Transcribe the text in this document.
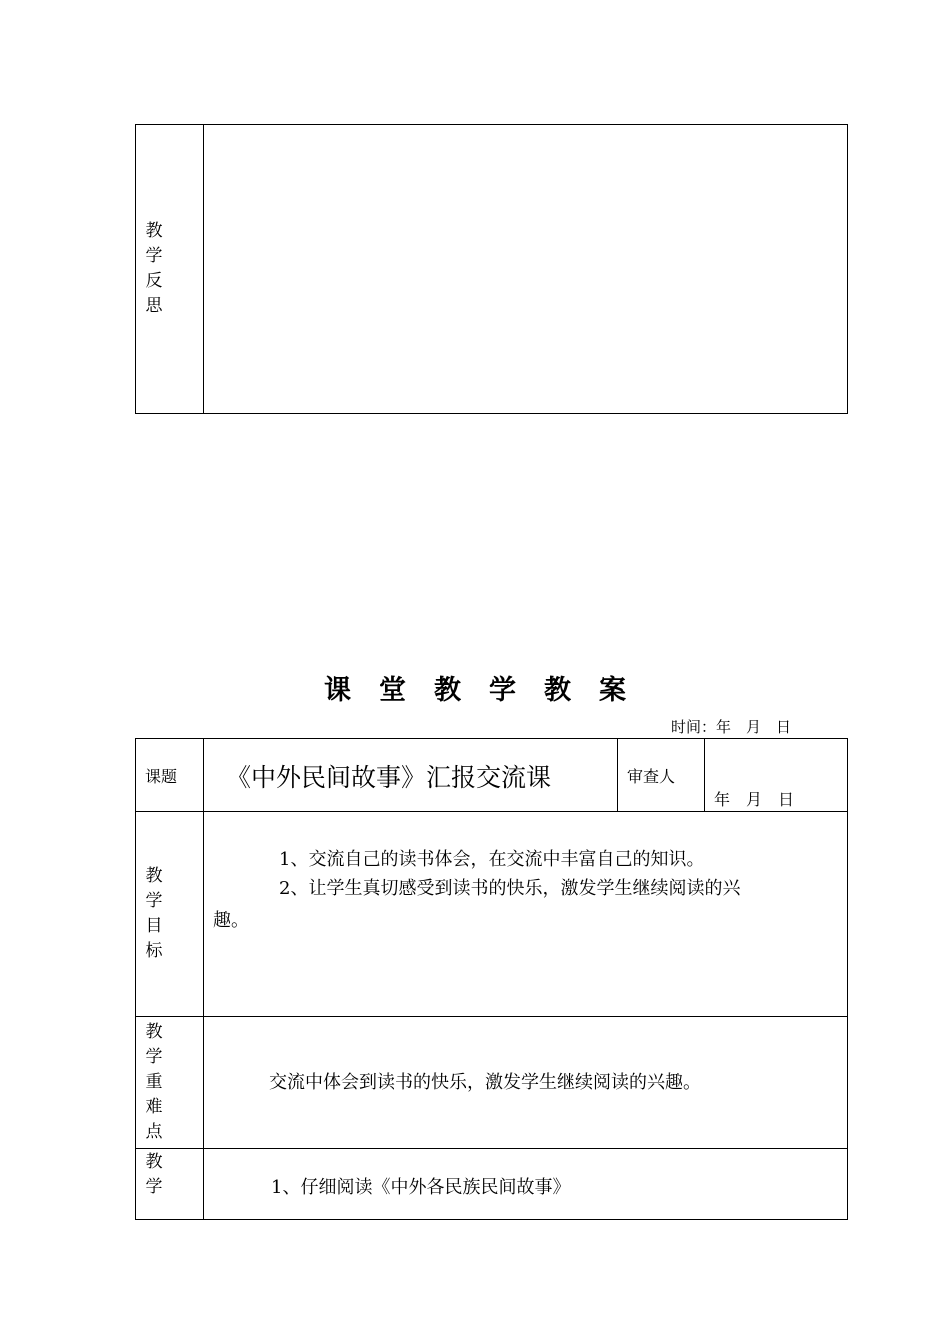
教
学
反
思
课堂教学教案
时间：年　月　日
课题 《中外民间故事》汇报交流课	审查人
年　月　日
教
学
目
标
1、交流自己的读书体会，在交流中丰富自己的知识。
2、让学生真切感受到读书的快乐，激发学生继续阅读的兴
趣。
教
学
重
难
点
交流中体会到读书的快乐，激发学生继续阅读的兴趣。
教
学	1、仔细阅读《中外各民族民间故事》
